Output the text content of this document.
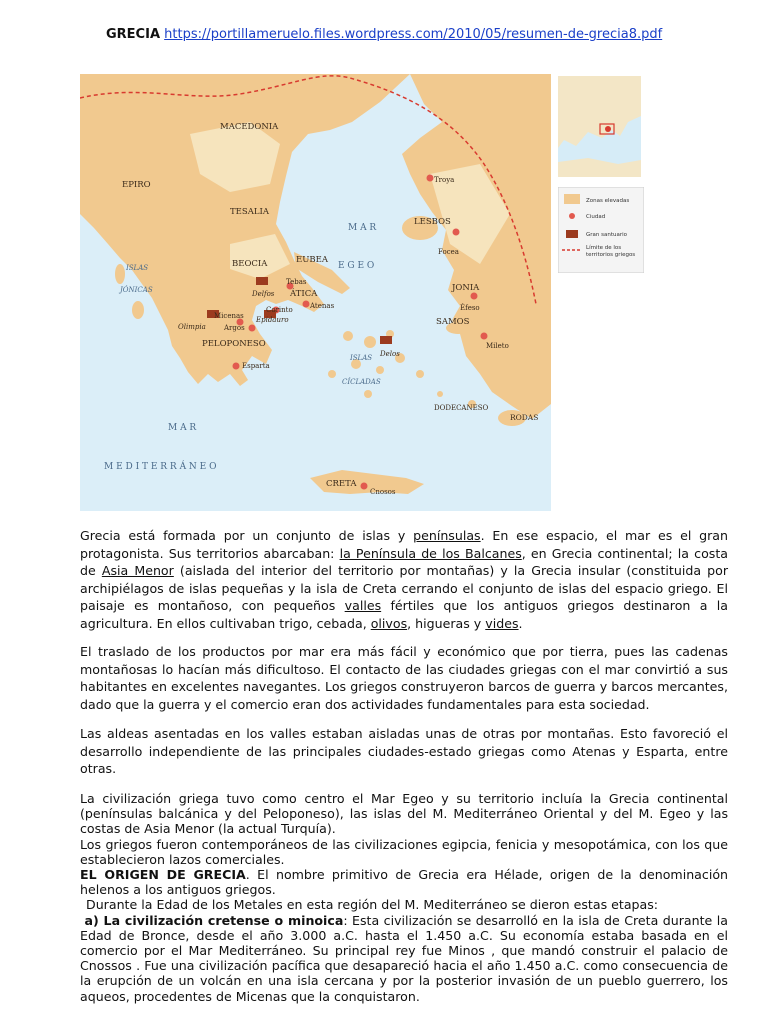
GRECIA https://portillameruelo.files.wordpress.com/2010/05/resumen-de-grecia8.pdf
MACEDONIA
EPIRO
TESALIA
BEOCIA	EUBEA
ÁTICA
Tebas
Delfos
Corinto Atenas
Micenas
Argos
Epidauro
Olimpia
PELOPONESO
Esparta
ISLAS
JÓNICAS
M A R
E G E O
Troya
LESBOS
Focea
JONIA
Éfeso
SAMOS
Mileto
Delos
ISLAS
CÍCLADAS
DODECANESO
RODAS
M A R
M E D I T E R R Á N E O
CRETA
Cnosos
Zonas elevadas
Ciudad
Gran santuario
Límite de los
territorios griegos

Grecia está formada por un conjunto de islas y penínsulas. En ese espacio, el mar es el gran protagonista. Sus territorios abarcaban: la Península de los Balcanes, en Grecia continental; la costa de Asia Menor (aislada del interior del territorio por montañas) y la Grecia insular (constituida por archipiélagos de islas pequeñas y la isla de Creta cerrando el conjunto de islas del espacio griego. El paisaje es montañoso, con pequeños valles fértiles que los antiguos griegos destinaron a la agricultura. En ellos cultivaban trigo, cebada, olivos, higueras y vides.

El traslado de los productos por mar era más fácil y económico que por tierra, pues las cadenas montañosas lo hacían más dificultoso. El contacto de las ciudades griegas con el mar convirtió a sus habitantes en excelentes navegantes. Los griegos construyeron barcos de guerra y barcos mercantes, dado que la guerra y el comercio eran dos actividades fundamentales para esta sociedad.

Las aldeas asentadas en los valles estaban aisladas unas de otras por montañas. Esto favoreció el desarrollo independiente de las principales ciudades-estado griegas como Atenas y Esparta, entre otras.

La civilización griega tuvo como centro el Mar Egeo y su territorio incluía la Grecia continental (penínsulas balcánica y del Peloponeso), las islas del M. Mediterráneo Oriental y del M. Egeo y las costas de Asia Menor (la actual Turquía).

Los griegos fueron contemporáneos de las civilizaciones egipcia, fenicia y mesopotámica, con los que establecieron lazos comerciales.

EL ORIGEN DE GRECIA. El nombre primitivo de Grecia era Hélade, origen de la denominación helenos a los antiguos griegos.

Durante la Edad de los Metales en esta región del M. Mediterráneo se dieron estas etapas:

a) La civilización cretense o minoica: Esta civilización se desarrolló en la isla de Creta durante la Edad de Bronce, desde el año 3.000 a.C. hasta el 1.450 a.C. Su economía estaba basada en el comercio por el Mar Mediterráneo. Su principal rey fue Minos , que mandó construir el palacio de Cnossos . Fue una civilización pacífica que desapareció hacia el año 1.450 a.C. como consecuencia de la erupción de un volcán en una isla cercana y por la posterior invasión de un pueblo guerrero, los aqueos, procedentes de Micenas que la conquistaron.
